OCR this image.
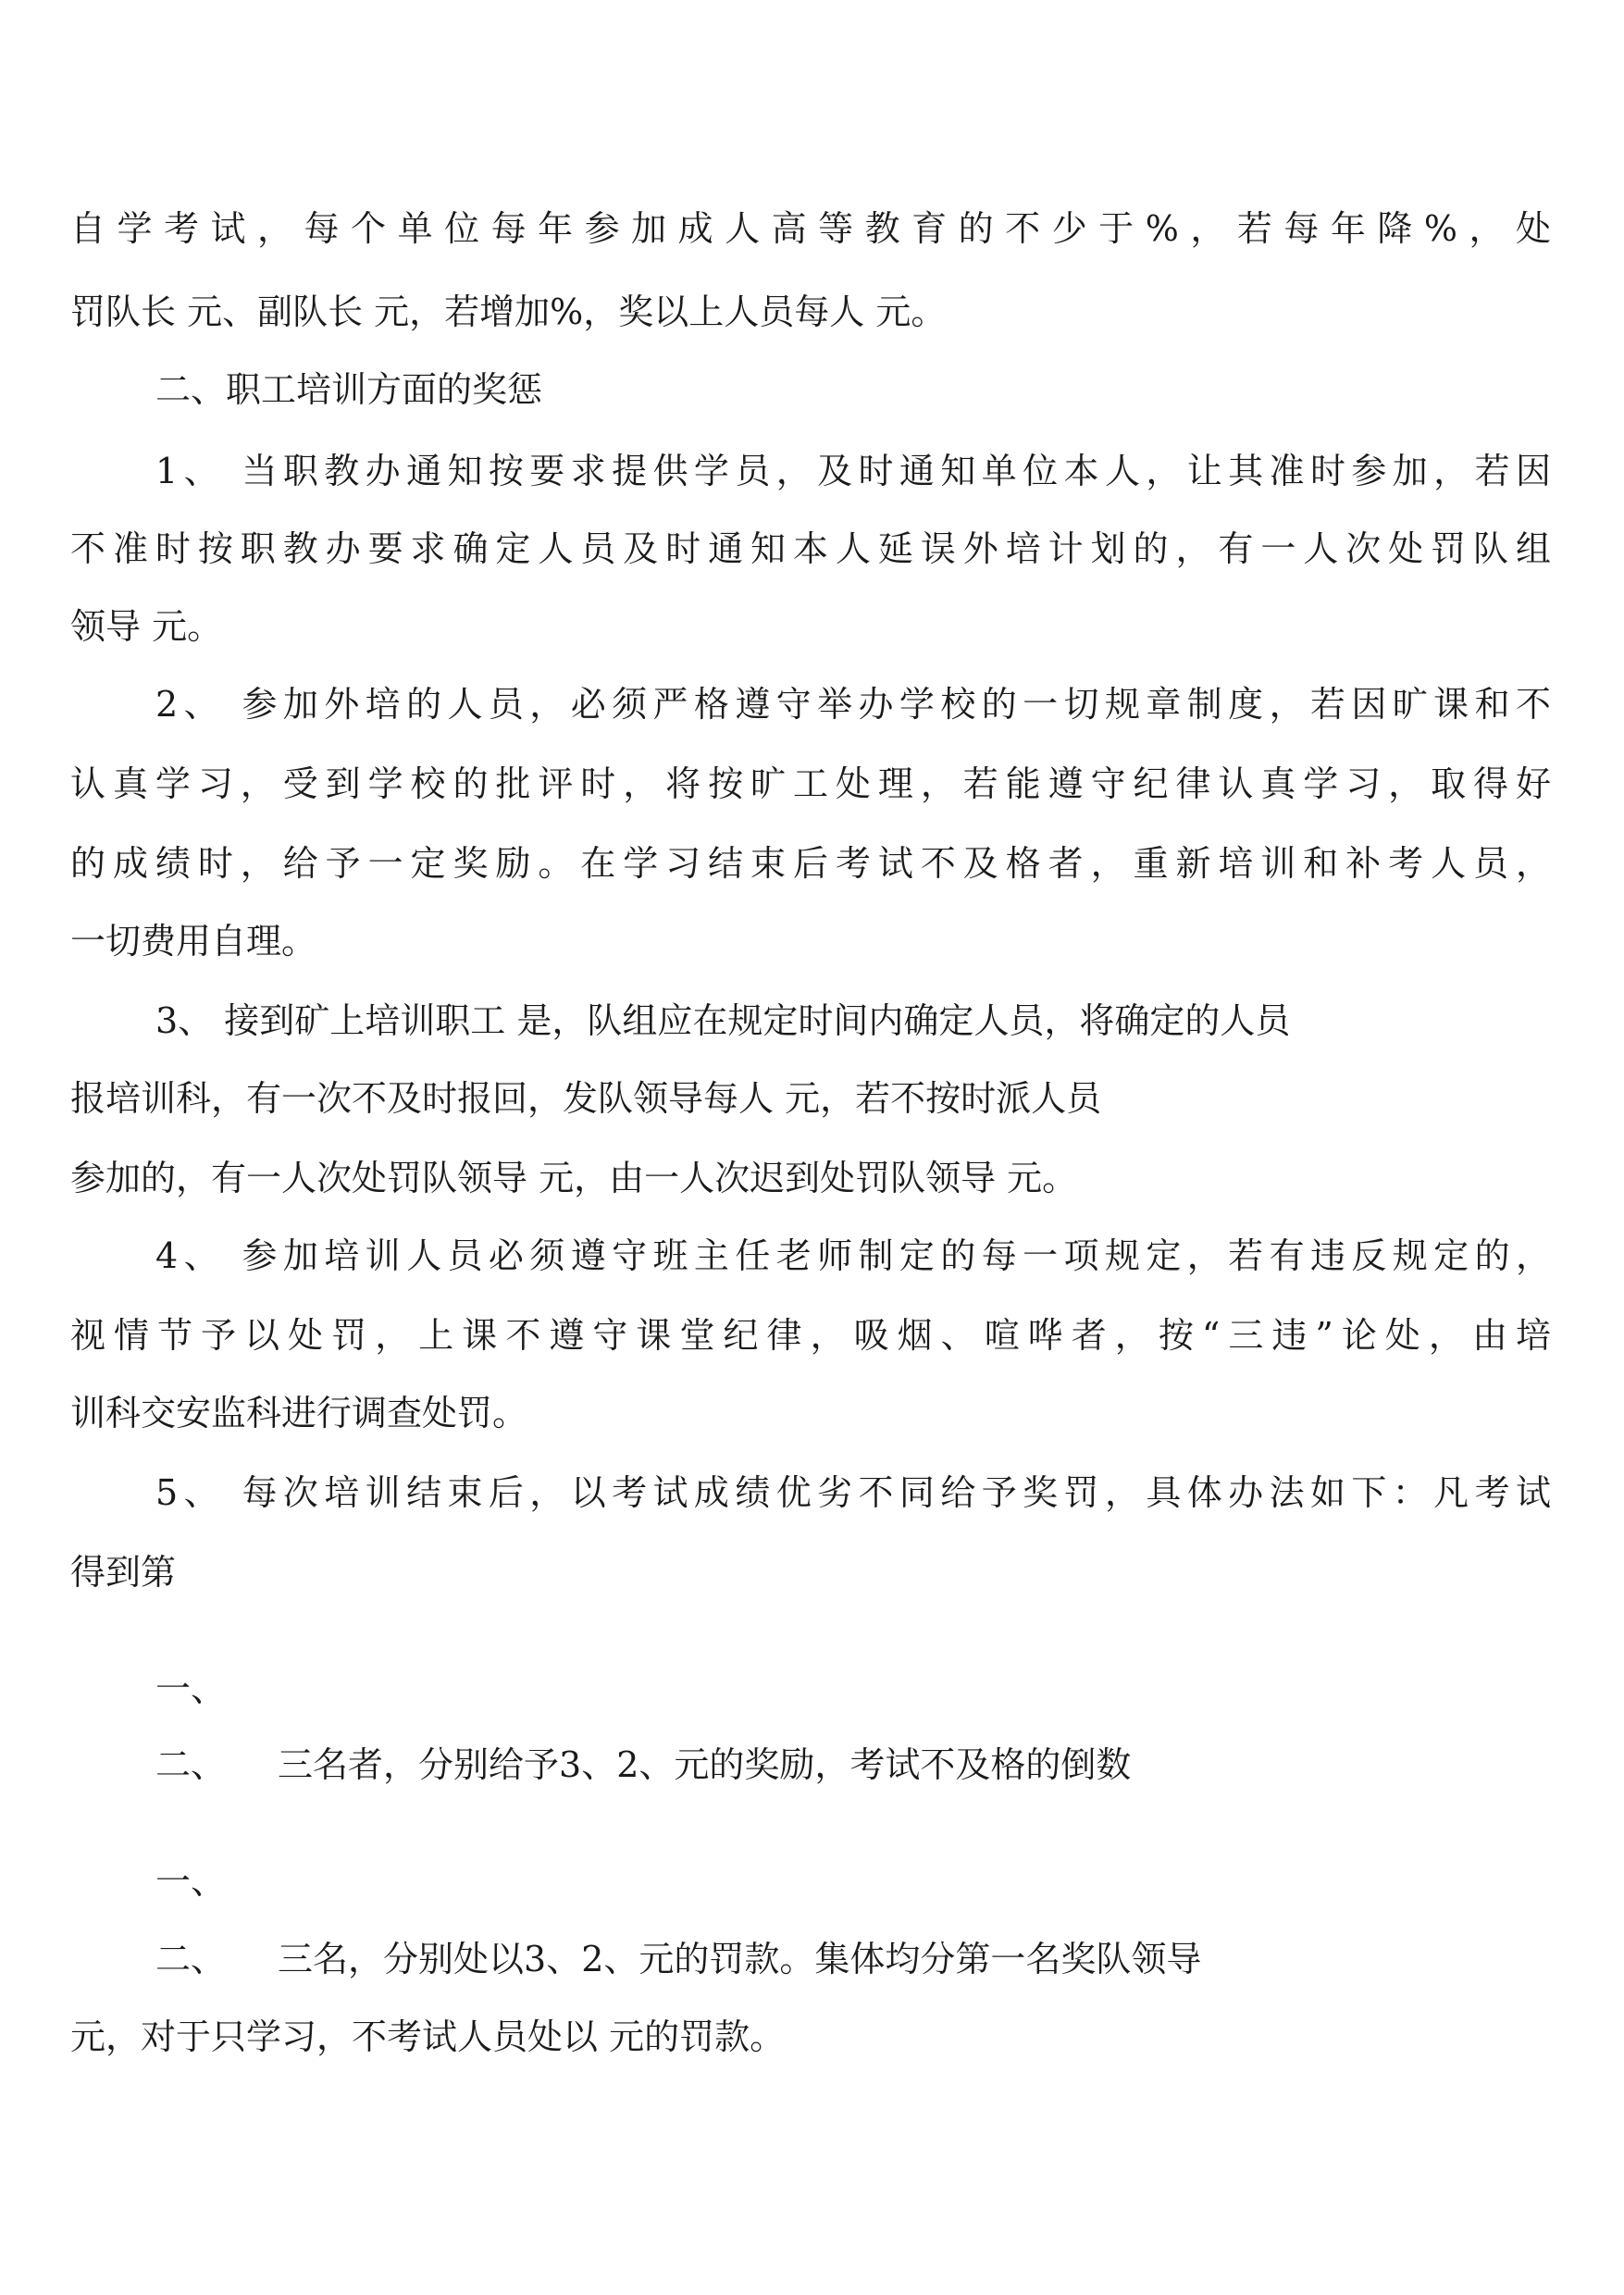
自学考试，每个单位每年参加成人高等教育的不少于%，若每年降%，处

罚队长 元、副队长 元，若增加%，奖以上人员每人 元。

二、职工培训方面的奖惩

1、 当职教办通知按要求提供学员，及时通知单位本人，让其准时参加，若因

不准时按职教办要求确定人员及时通知本人延误外培计划的，有一人次处罚队组

领导 元。

2、 参加外培的人员，必须严格遵守举办学校的一切规章制度，若因旷课和不

认真学习，受到学校的批评时，将按旷工处理，若能遵守纪律认真学习，取得好

的成绩时，给予一定奖励。在学习结束后考试不及格者，重新培训和补考人员，

一切费用自理。

3、 接到矿上培训职工 是，队组应在规定时间内确定人员，将确定的人员

报培训科，有一次不及时报回，发队领导每人 元，若不按时派人员

参加的，有一人次处罚队领导 元，由一人次迟到处罚队领导 元。

4、 参加培训人员必须遵守班主任老师制定的每一项规定，若有违反规定的，

视情节予以处罚，上课不遵守课堂纪律，吸烟、喧哗者，按“三违”论处，由培

训科交安监科进行调查处罚。

5、 每次培训结束后，以考试成绩优劣不同给予奖罚，具体办法如下：凡考试

得到第

一、

二、 三名者，分别给予3、2、元的奖励，考试不及格的倒数

一、

二、 三名，分别处以3、2、元的罚款。集体均分第一名奖队领导

元，对于只学习，不考试人员处以 元的罚款。
